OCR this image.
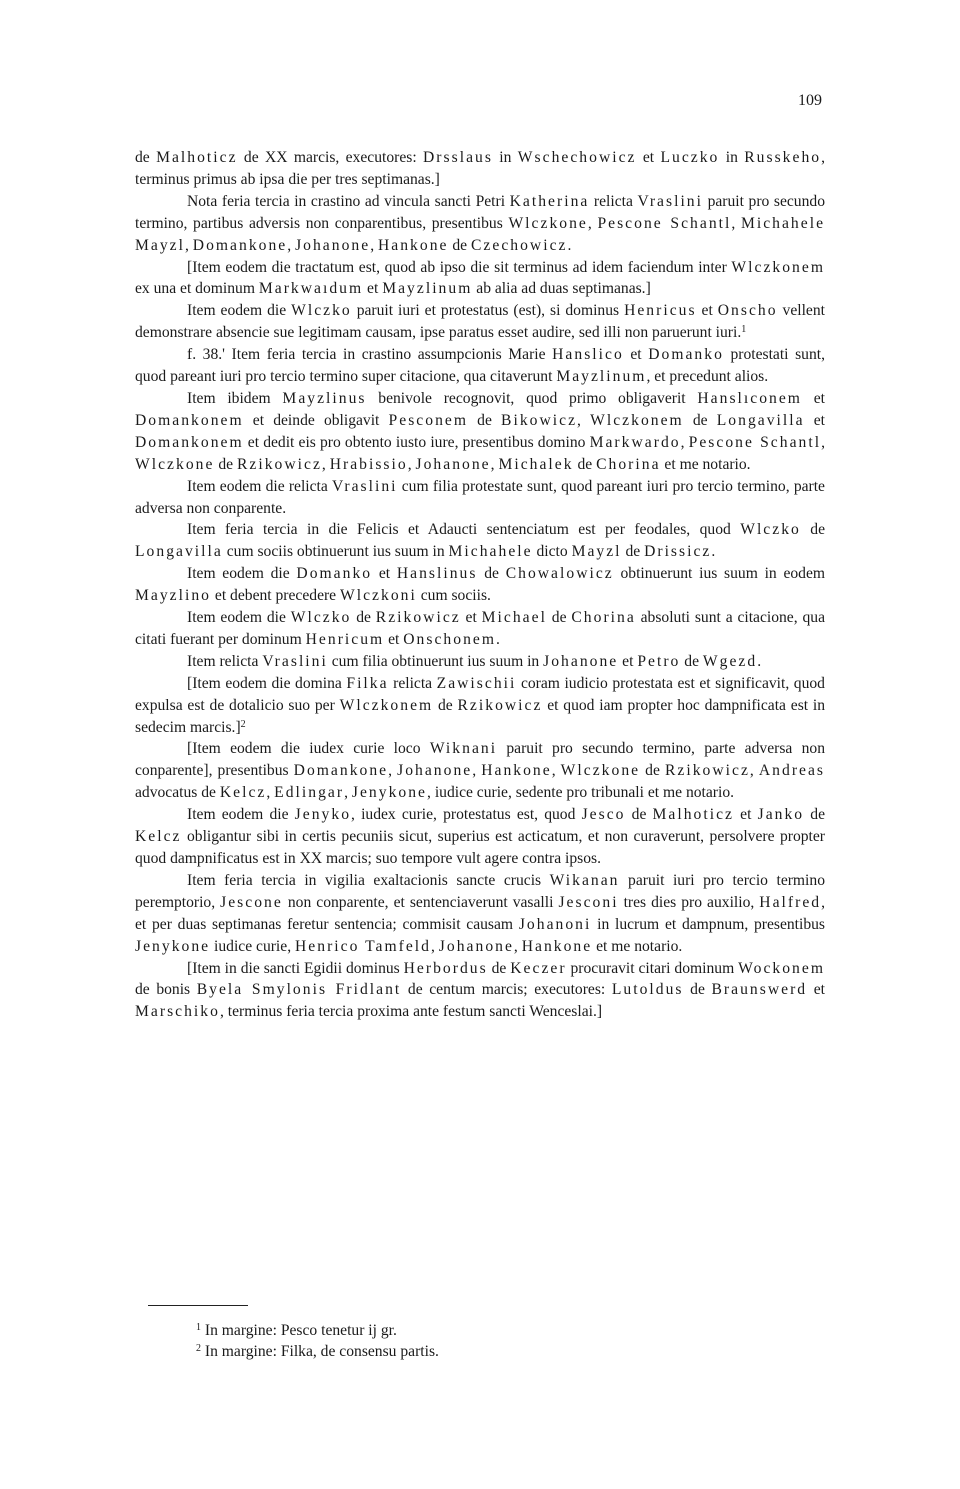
109

de Malhoticz de XX marcis, executores: Drsslaus in Wschechowicz et Luczko in Russkeho, terminus primus ab ipsa die per tres septimanas.]

Nota feria tercia in crastino ad vincula sancti Petri Katherina relicta Vraslini paruit pro secundo termino, partibus adversis non conparentibus, presentibus Wlczkone, Pescone Schantl, Michahele Mayzl, Domankone, Johanone, Hankone de Czechowicz.

[Item eodem die tractatum est, quod ab ipso die sit terminus ad idem faciendum inter Wlczkonem ex una et dominum Markwaıdum et Mayzlinum ab alia ad duas septimanas.]

Item eodem die Wlczko paruit iuri et protestatus (est), si dominus Henricus et Onscho vellent demonstrare absencie sue legitimam causam, ipse paratus esset audire, sed illi non paruerunt iuri.$^1$

f. 38.' Item feria tercia in crastino assumpcionis Marie Hanslico et Domanko protestati sunt, quod pareant iuri pro tercio termino super citacione, qua citaverunt Mayzlinum, et precedunt alios.

Item ibidem Mayzlinus benivole recognovit, quod primo obligaverit Hanslıconem et Domankonem et deinde obligavit Pesconem de Bikowicz, Wlczkonem de Longavilla et Domankonem et dedit eis pro obtento iusto iure, presentibus domino Markwardo, Pescone Schantl, Wlczkone de Rzikowicz, Hrabissio, Johanone, Michalek de Chorina et me notario.

Item eodem die relicta Vraslini cum filia protestate sunt, quod pareant iuri pro tercio termino, parte adversa non conparente.

Item feria tercia in die Felicis et Adaucti sentenciatum est per feodales, quod Wlczko de Longavilla cum sociis obtinuerunt ius suum in Michahele dicto Mayzl de Drissicz.

Item eodem die Domanko et Hanslinus de Chowalowicz obtinuerunt ius suum in eodem Mayzlino et debent precedere Wlczkoni cum sociis.

Item eodem die Wlczko de Rzikowicz et Michael de Chorina absoluti sunt a citacione, qua citati fuerant per dominum Henricum et Onschonem.

Item relicta Vraslini cum filia obtinuerunt ius suum in Johanone et Petro de Wgezd.

[Item eodem die domina Filka relicta Zawischii coram iudicio protestata est et significavit, quod expulsa est de dotalicio suo per Wlczkonem de Rzikowicz et quod iam propter hoc dampnificata est in sedecim marcis.]$^2$

[Item eodem die iudex curie loco Wiknani paruit pro secundo termino, parte adversa non conparente], presentibus Domankone, Johanone, Hankone, Wlczkone de Rzikowicz, Andreas advocatus de Kelcz, Edlingar, Jenykone, iudice curie, sedente pro tribunali et me notario.

Item eodem die Jenyko, iudex curie, protestatus est, quod Jesco de Malhoticz et Janko de Kelcz obligantur sibi in certis pecuniis sicut, superius est acticatum, et non curaverunt, persolvere propter quod dampnificatus est in XX marcis; suo tempore vult agere contra ipsos.

Item feria tercia in vigilia exaltacionis sancte crucis Wikanan paruit iuri pro tercio termino peremptorio, Jescone non conparente, et sentenciaverunt vasalli Jesconi tres dies pro auxilio, Halfred, et per duas septimanas feretur sentencia; commisit causam Johanoni in lucrum et dampnum, presentibus Jenykone iudice curie, Henrico Tamfeld, Johanone, Hankone et me notario.

[Item in die sancti Egidii dominus Herbordus de Keczer procuravit citari dominum Wockonem de bonis Byela Smylonis Fridlant de centum marcis; executores: Lutoldus de Braunswerd et Marschiko, terminus feria tercia proxima ante festum sancti Wenceslai.]

$^1$ In margine: Pesco tenetur ij gr.

$^2$ In margine: Filka, de consensu partis.
